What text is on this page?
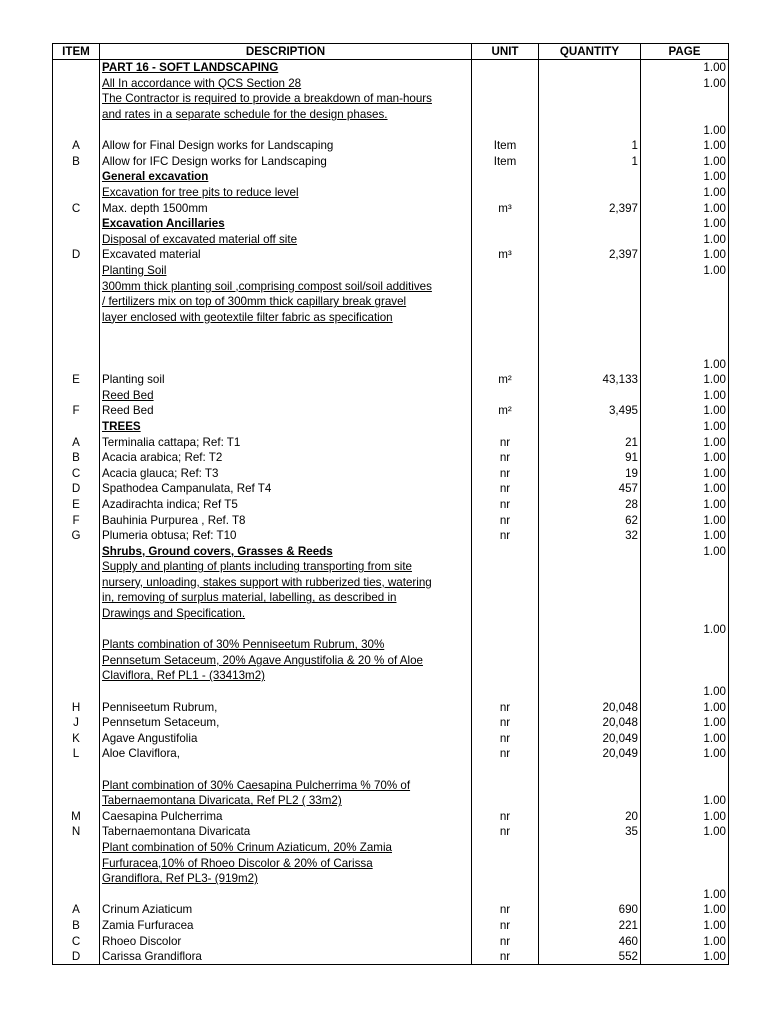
ITEM	DESCRIPTION	UNIT	QUANTITY	PAGE
	PART 16 - SOFT LANDSCAPING			1.00
	All In accordance with QCS Section 28			1.00
	The Contractor is required to provide a breakdown of man-hours			
	and rates in a separate schedule for the design phases.			
				1.00
A	Allow for Final Design works for Landscaping	Item	1	1.00
B	Allow for IFC Design works for Landscaping	Item	1	1.00
	General excavation			1.00
	Excavation for tree pits to reduce level			1.00
C	Max. depth 1500mm	m³	2,397	1.00
	Excavation Ancillaries			1.00
	Disposal of excavated material off site			1.00
D	Excavated material	m³	2,397	1.00
	Planting Soil			1.00
	300mm thick planting soil ,comprising compost soil/soil additives			
	/ fertilizers mix on top of 300mm thick capillary break gravel			
	layer enclosed with geotextile filter fabric as specification			

				1.00
E	Planting soil	m²	43,133	1.00
	Reed Bed			1.00
F	Reed Bed	m²	3,495	1.00
	TREES			1.00
A	Terminalia cattapa; Ref: T1	nr	21	1.00
B	Acacia arabica; Ref: T2	nr	91	1.00
C	Acacia glauca; Ref: T3	nr	19	1.00
D	Spathodea Campanulata, Ref T4	nr	457	1.00
E	Azadirachta indica; Ref T5	nr	28	1.00
F	Bauhinia Purpurea , Ref. T8	nr	62	1.00
G	Plumeria obtusa; Ref: T10	nr	32	1.00
	Shrubs, Ground covers, Grasses & Reeds			1.00
	Supply and planting of plants including transporting from site			
	nursery, unloading, stakes support with rubberized ties, watering			
	in, removing of surplus material, labelling, as described in			
	Drawings and Specification.			
				1.00
	Plants combination of 30% Penniseetum Rubrum, 30%			
	Pennsetum Setaceum, 20% Agave Angustifolia & 20 % of Aloe			
	Claviflora, Ref PL1 - (33413m2)			
				1.00
H	Penniseetum Rubrum,	nr	20,048	1.00
J	Pennsetum Setaceum,	nr	20,048	1.00
K	Agave Angustifolia	nr	20,049	1.00
L	Aloe Claviflora,	nr	20,049	1.00

	Plant combination of 30% Caesapina Pulcherrima % 70% of			
	Tabernaemontana Divaricata, Ref PL2 ( 33m2)			1.00
M	Caesapina Pulcherrima	nr	20	1.00
N	Tabernaemontana Divaricata	nr	35	1.00
	Plant combination of 50% Crinum Aziaticum, 20% Zamia			
	Furfuracea,10% of Rhoeo Discolor & 20% of Carissa			
	Grandiflora, Ref PL3- (919m2)			
				1.00
A	Crinum Aziaticum	nr	690	1.00
B	Zamia Furfuracea	nr	221	1.00
C	Rhoeo Discolor	nr	460	1.00
D	Carissa Grandiflora	nr	552	1.00
